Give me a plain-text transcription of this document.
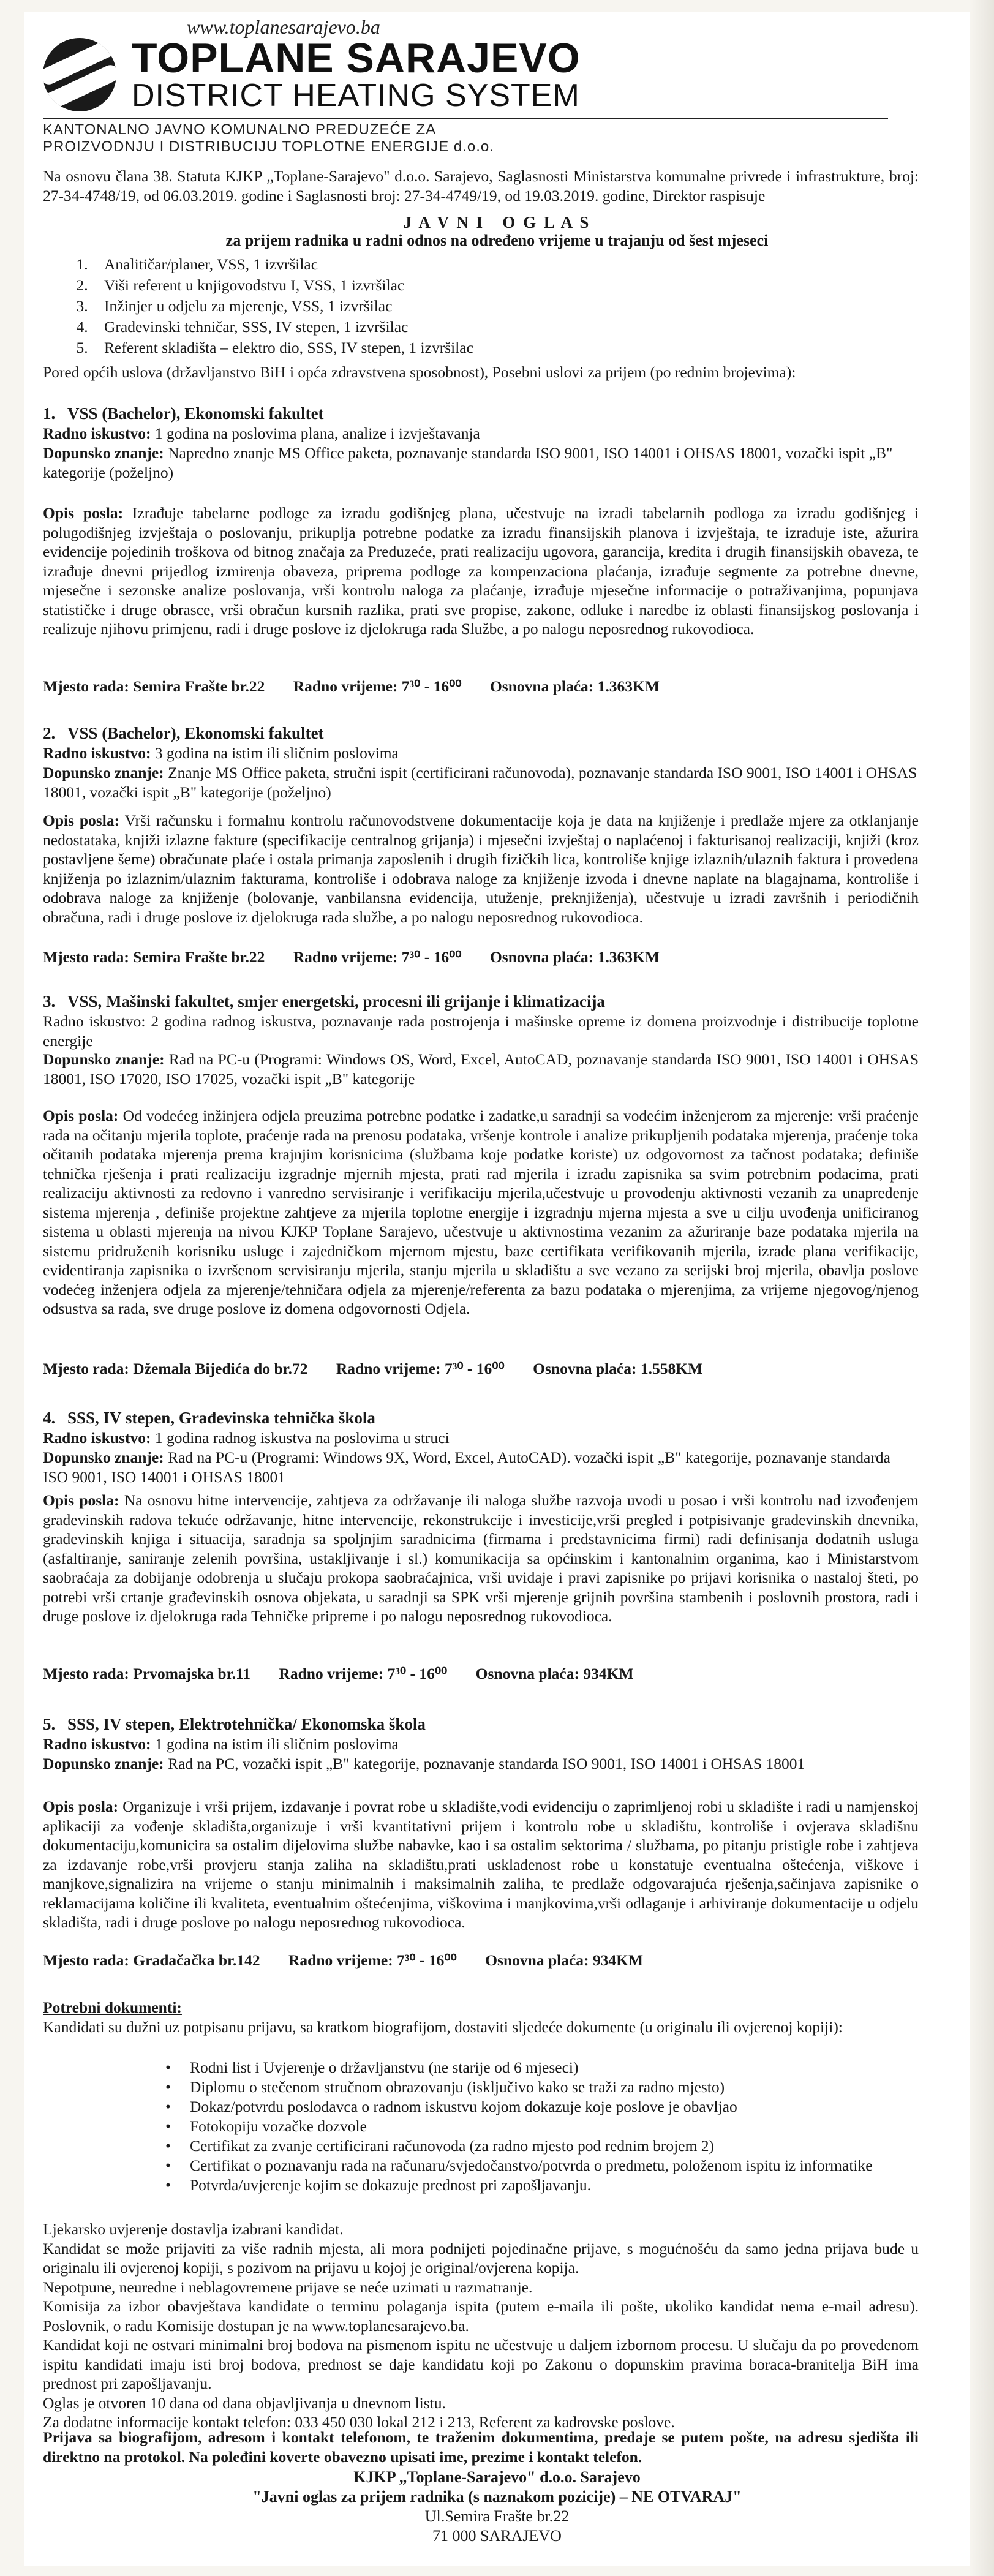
www.toplanesarajevo.ba
TOPLANE SARAJEVO
DISTRICT HEATING SYSTEM
KANTONALNO JAVNO KOMUNALNO PREDUZEĆE ZA
PROIZVODNJU I DISTRIBUCIJU TOPLOTNE ENERGIJE d.o.o.
Na osnovu člana 38. Statuta KJKP „Toplane-Sarajevo" d.o.o. Sarajevo, Saglasnosti Ministarstva komunalne privrede i infrastrukture, broj: 27-34-4748/19, od 06.03.2019. godine i Saglasnosti broj: 27-34-4749/19, od 19.03.2019. godine, Direktor raspisuje
J A V N I   O G L A S
za prijem radnika u radni odnos na određeno vrijeme u trajanju od šest mjeseci
1. Analitičar/planer, VSS, 1 izvršilac
2. Viši referent u knjigovodstvu I, VSS, 1 izvršilac
3. Inžinjer u odjelu za mjerenje, VSS, 1 izvršilac
4. Građevinski tehničar, SSS, IV stepen, 1 izvršilac
5. Referent skladišta – elektro dio, SSS, IV stepen, 1 izvršilac
Pored općih uslova (državljanstvo BiH i opća zdravstvena sposobnost), Posebni uslovi za prijem (po rednim brojevima):
1. VSS (Bachelor), Ekonomski fakultet
Radno iskustvo: 1 godina na poslovima plana, analize i izvještavanja
Dopunsko znanje: Napredno znanje MS Office paketa, poznavanje standarda ISO 9001, ISO 14001 i OHSAS 18001, vozački ispit „B" kategorije (poželjno)
Opis posla: Izrađuje tabelarne podloge za izradu godišnjeg plana, učestvuje na izradi tabelarnih podloga za izradu godišnjeg i polugodišnjeg izvještaja o poslovanju, prikuplja potrebne podatke za izradu finansijskih planova i izvještaja, te izrađuje iste, ažurira evidencije pojedinih troškova od bitnog značaja za Preduzeće, prati realizaciju ugovora, garancija, kredita i drugih finansijskih obaveza, te izrađuje dnevni prijedlog izmirenja obaveza, priprema podloge za kompenzaciona plaćanja, izrađuje segmente za potrebne dnevne, mjesečne i sezonske analize poslovanja, vrši kontrolu naloga za plaćanje, izrađuje mjesečne informacije o potraživanjima, popunjava statističke i druge obrasce, vrši obračun kursnih razlika, prati sve propise, zakone, odluke i naredbe iz oblasti finansijskog poslovanja i realizuje njihovu primjenu, radi i druge poslove iz djelokruga rada Službe, a po nalogu neposrednog rukovodioca.
Mjesto rada: Semira Frašte br.22 Radno vrijeme: 7³⁰ - 16⁰⁰ Osnovna plaća: 1.363KM
2. VSS (Bachelor), Ekonomski fakultet
Radno iskustvo: 3 godina na istim ili sličnim poslovima
Dopunsko znanje: Znanje MS Office paketa, stručni ispit (certificirani računovođa), poznavanje standarda ISO 9001, ISO 14001 i OHSAS 18001, vozački ispit „B" kategorije (poželjno)
Opis posla: Vrši računsku i formalnu kontrolu računovodstvene dokumentacije koja je data na knjiženje i predlaže mjere za otklanjanje nedostataka, knjiži izlazne fakture (specifikacije centralnog grijanja) i mjesečni izvještaj o naplaćenoj i fakturisanoj realizaciji, knjiži (kroz postavljene šeme) obračunate plaće i ostala primanja zaposlenih i drugih fizičkih lica, kontroliše knjige izlaznih/ulaznih faktura i provedena knjiženja po izlaznim/ulaznim fakturama, kontroliše i odobrava naloge za knjiženje izvoda i dnevne naplate na blagajnama, kontroliše i odobrava naloge za knjiženje (bolovanje, vanbilansna evidencija, utuženje, preknjiženja), učestvuje u izradi završnih i periodičnih obračuna, radi i druge poslove iz djelokruga rada službe, a po nalogu neposrednog rukovodioca.
Mjesto rada: Semira Frašte br.22 Radno vrijeme: 7³⁰ - 16⁰⁰ Osnovna plaća: 1.363KM
3. VSS, Mašinski fakultet, smjer energetski, procesni ili grijanje i klimatizacija
Radno iskustvo: 2 godina radnog iskustva, poznavanje rada postrojenja i mašinske opreme iz domena proizvodnje i distribucije toplotne energije
Dopunsko znanje: Rad na PC-u (Programi: Windows OS, Word, Excel, AutoCAD, poznavanje standarda ISO 9001, ISO 14001 i OHSAS 18001, ISO 17020, ISO 17025, vozački ispit „B" kategorije
Opis posla: Od vodećeg inžinjera odjela preuzima potrebne podatke i zadatke,u saradnji sa vodećim inženjerom za mjerenje: vrši praćenje rada na očitanju mjerila toplote, praćenje rada na prenosu podataka, vršenje kontrole i analize prikupljenih podataka mjerenja, praćenje toka očitanih podataka mjerenja prema krajnjim korisnicima (službama koje podatke koriste) uz odgovornost za tačnost podataka; definiše tehnička rješenja i prati realizaciju izgradnje mjernih mjesta, prati rad mjerila i izradu zapisnika sa svim potrebnim podacima, prati realizaciju aktivnosti za redovno i vanredno servisiranje i verifikaciju mjerila,učestvuje u provođenju aktivnosti vezanih za unapređenje sistema mjerenja , definiše projektne zahtjeve za mjerila toplotne energije i izgradnju mjerna mjesta a sve u cilju uvođenja unificiranog sistema u oblasti mjerenja na nivou KJKP Toplane Sarajevo, učestvuje u aktivnostima vezanim za ažuriranje baze podataka mjerila na sistemu pridruženih korisniku usluge i zajedničkom mjernom mjestu, baze certifikata verifikovanih mjerila, izrade plana verifikacije, evidentiranja zapisnika o izvršenom servisiranju mjerila, stanju mjerila u skladištu a sve vezano za serijski broj mjerila, obavlja poslove vodećeg inženjera odjela za mjerenje/tehničara odjela za mjerenje/referenta za bazu podataka o mjerenjima, za vrijeme njegovog/njenog odsustva sa rada, sve druge poslove iz domena odgovornosti Odjela.
Mjesto rada: Džemala Bijedića do br.72 Radno vrijeme: 7³⁰ - 16⁰⁰ Osnovna plaća: 1.558KM
4. SSS, IV stepen, Građevinska tehnička škola
Radno iskustvo: 1 godina radnog iskustva na poslovima u struci
Dopunsko znanje: Rad na PC-u (Programi: Windows 9X, Word, Excel, AutoCAD). vozački ispit „B" kategorije, poznavanje standarda ISO 9001, ISO 14001 i OHSAS 18001
Opis posla: Na osnovu hitne intervencije, zahtjeva za održavanje ili naloga službe razvoja uvodi u posao i vrši kontrolu nad izvođenjem građevinskih radova tekuće održavanje, hitne intervencije, rekonstrukcije i investicije,vrši pregled i potpisivanje građevinskih dnevnika, građevinskih knjiga i situacija, saradnja sa spoljnjim saradnicima (firmama i predstavnicima firmi) radi definisanja dodatnih usluga (asfaltiranje, saniranje zelenih površina, ustakljivanje i sl.) komunikacija sa općinskim i kantonalnim organima, kao i Ministarstvom saobraćaja za dobijanje odobrenja u slučaju prokopa saobraćajnica, vrši uvidaje i pravi zapisnike po prijavi korisnika o nastaloj šteti, po potrebi vrši crtanje građevinskih osnova objekata, u saradnji sa SPK vrši mjerenje grijnih površina stambenih i poslovnih prostora, radi i druge poslove iz djelokruga rada Tehničke pripreme i po nalogu neposrednog rukovodioca.
Mjesto rada: Prvomajska br.11 Radno vrijeme: 7³⁰ - 16⁰⁰ Osnovna plaća: 934KM
5. SSS, IV stepen, Elektrotehnička/ Ekonomska škola
Radno iskustvo: 1 godina na istim ili sličnim poslovima
Dopunsko znanje: Rad na PC, vozački ispit „B" kategorije, poznavanje standarda ISO 9001, ISO 14001 i OHSAS 18001
Opis posla: Organizuje i vrši prijem, izdavanje i povrat robe u skladište,vodi evidenciju o zaprimljenoj robi u skladište i radi u namjenskoj aplikaciji za vođenje skladišta,organizuje i vrši kvantitativni prijem i kontrolu robe u skladištu, kontroliše i ovjerava skladišnu dokumentaciju,komunicira sa ostalim dijelovima službe nabavke, kao i sa ostalim sektorima / službama, po pitanju pristigle robe i zahtjeva za izdavanje robe,vrši provjeru stanja zaliha na skladištu,prati usklađenost robe u konstatuje eventualna oštećenja, viškove i manjkove,signalizira na vrijeme o stanju minimalnih i maksimalnih zaliha, te predlaže odgovarajuća rješenja,sačinjava zapisnike o reklamacijama količine ili kvaliteta, eventualnim oštećenjima, viškovima i manjkovima,vrši odlaganje i arhiviranje dokumentacije u odjelu skladišta, radi i druge poslove po nalogu neposrednog rukovodioca.
Mjesto rada: Gradačačka br.142 Radno vrijeme: 7³⁰ - 16⁰⁰ Osnovna plaća: 934KM
Potrebni dokumenti:
Kandidati su dužni uz potpisanu prijavu, sa kratkom biografijom, dostaviti sljedeće dokumente (u originalu ili ovjerenoj kopiji):
• Rodni list i Uvjerenje o državljanstvu (ne starije od 6 mjeseci)
• Diplomu o stečenom stručnom obrazovanju (isključivo kako se traži za radno mjesto)
• Dokaz/potvrdu poslodavca o radnom iskustvu kojom dokazuje koje poslove je obavljao
• Fotokopiju vozačke dozvole
• Certifikat za zvanje certificirani računovođa (za radno mjesto pod rednim brojem 2)
• Certifikat o poznavanju rada na računaru/svjedočanstvo/potvrda o predmetu, položenom ispitu iz informatike
• Potvrda/uvjerenje kojim se dokazuje prednost pri zapošljavanju.
Ljekarsko uvjerenje dostavlja izabrani kandidat.
Kandidat se može prijaviti za više radnih mjesta, ali mora podnijeti pojedinačne prijave, s mogućnošću da samo jedna prijava bude u originalu ili ovjerenoj kopiji, s pozivom na prijavu u kojoj je original/ovjerena kopija.
Nepotpune, neuredne i neblagovremene prijave se neće uzimati u razmatranje.
Komisija za izbor obavještava kandidate o terminu polaganja ispita (putem e-maila ili pošte, ukoliko kandidat nema e-mail adresu). Poslovnik, o radu Komisije dostupan je na www.toplanesarajevo.ba.
Kandidat koji ne ostvari minimalni broj bodova na pismenom ispitu ne učestvuje u daljem izbornom procesu. U slučaju da po provedenom ispitu kandidati imaju isti broj bodova, prednost se daje kandidatu koji po Zakonu o dopunskim pravima boraca-branitelja BiH ima prednost pri zapošljavanju.
Oglas je otvoren 10 dana od dana objavljivanja u dnevnom listu.
Za dodatne informacije kontakt telefon: 033 450 030 lokal 212 i 213, Referent za kadrovske poslove.
Prijava sa biografijom, adresom i kontakt telefonom, te traženim dokumentima, predaje se putem pošte, na adresu sjedišta ili direktno na protokol. Na poleđini koverte obavezno upisati ime, prezime i kontakt telefon.
KJKP „Toplane-Sarajevo" d.o.o. Sarajevo
"Javni oglas za prijem radnika (s naznakom pozicije) – NE OTVARAJ"
Ul.Semira Frašte br.22
71 000 SARAJEVO
